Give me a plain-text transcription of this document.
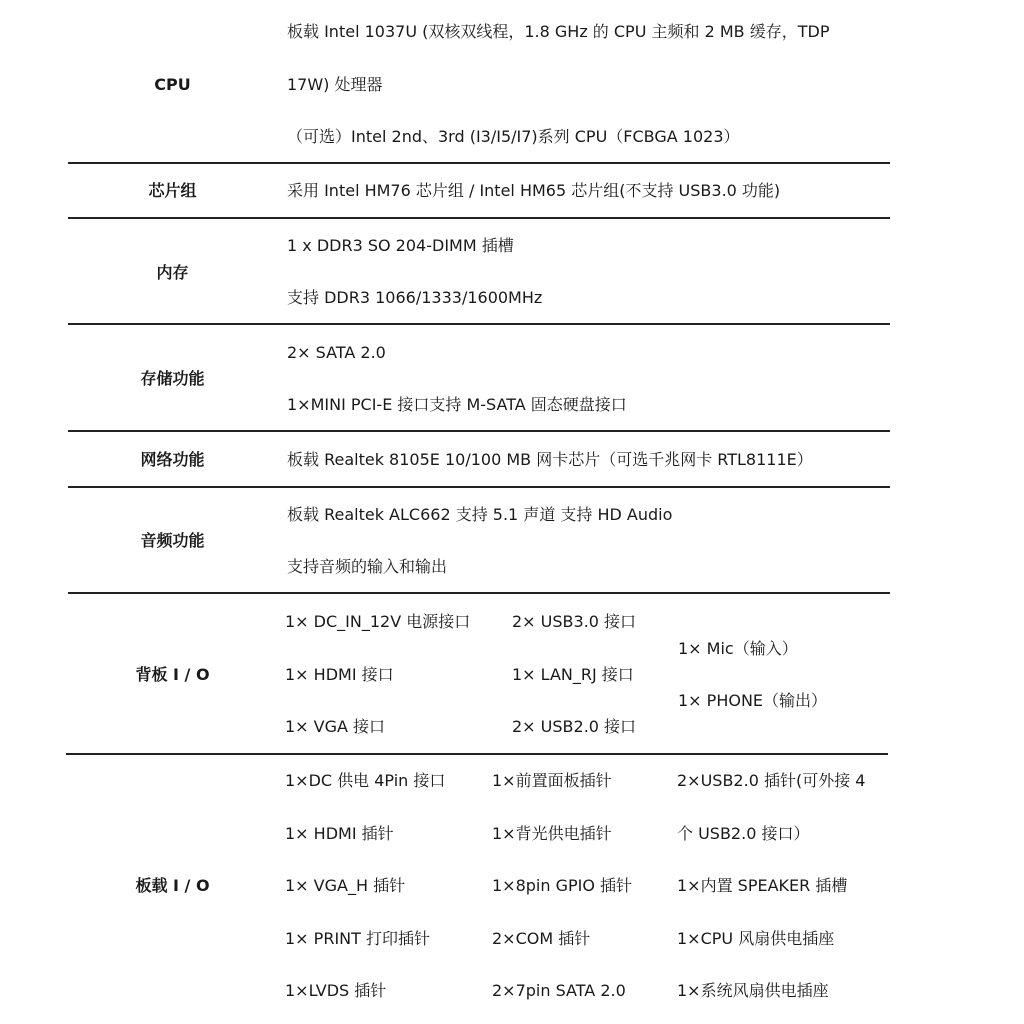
CPU
板载 Intel 1037U (双核双线程，1.8 GHz 的 CPU 主频和 2 MB 缓存，TDP
17W) 处理器
（可选）Intel 2nd、3rd (I3/I5/I7)系列 CPU（FCBGA 1023）
芯片组	采用 Intel HM76 芯片组 / Intel HM65 芯片组(不支持 USB3.0 功能)
内存
1 x DDR3 SO 204-DIMM 插槽
支持 DDR3 1066/1333/1600MHz
存储功能
2× SATA 2.0
1×MINI PCI-E 接口支持 M-SATA 固态硬盘接口
网络功能	板载 Realtek 8105E 10/100 MB 网卡芯片（可选千兆网卡 RTL8111E）
音频功能
板载 Realtek ALC662 支持 5.1 声道 支持 HD Audio
支持音频的输入和输出
背板 I / O
1× DC_IN_12V 电源接口
1× HDMI 接口
1× VGA 接口
2× USB3.0 接口
1× LAN_RJ 接口
2× USB2.0 接口
1× Mic（输入）
1× PHONE（输出）
板载 I / O
1×DC 供电 4Pin 接口
1× HDMI 插针
1× VGA_H 插针
1× PRINT 打印插针
1×LVDS 插针
1×前置面板插针
1×背光供电插针
1×8pin GPIO 插针
2×COM 插针
2×7pin SATA 2.0
2×USB2.0 插针(可外接 4
个 USB2.0 接口）
1×内置 SPEAKER 插槽
1×CPU 风扇供电插座
1×系统风扇供电插座
